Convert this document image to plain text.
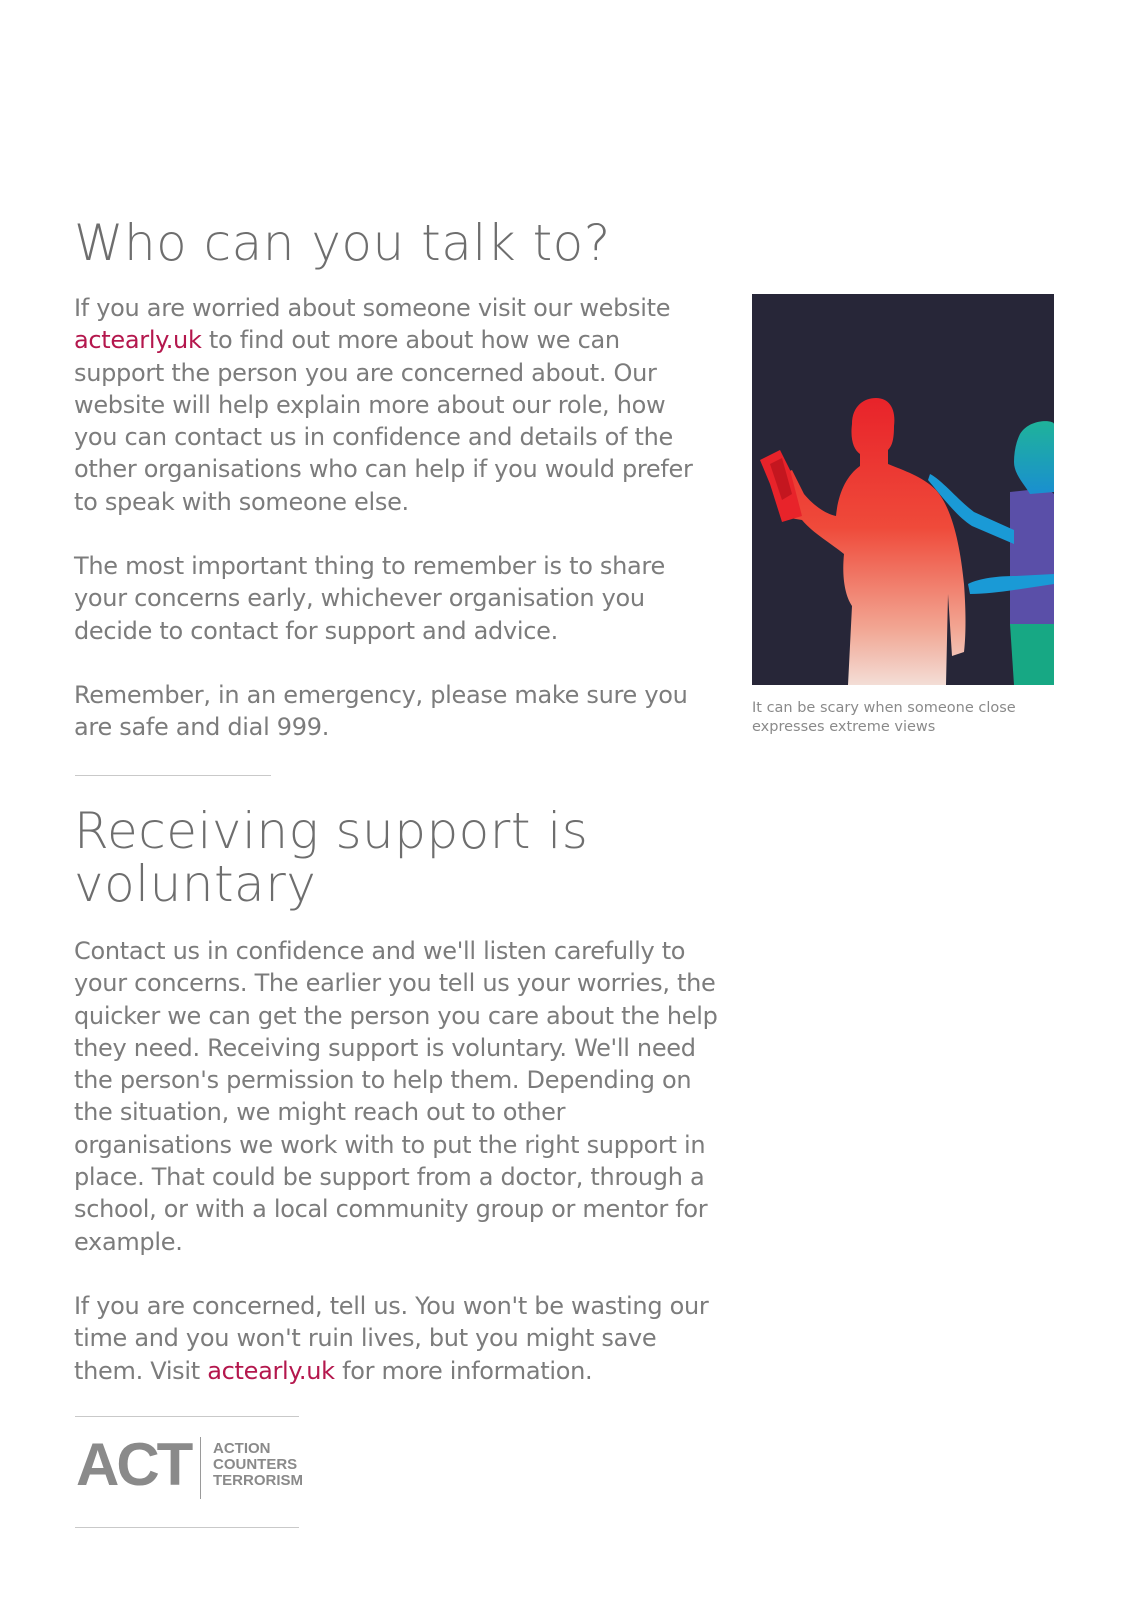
Who can you talk to?

If you are worried about someone visit our website actearly.uk to find out more about how we can support the person you are concerned about. Our website will help explain more about our role, how you can contact us in confidence and details of the other organisations who can help if you would prefer to speak with someone else.

The most important thing to remember is to share your concerns early, whichever organisation you decide to contact for support and advice.

Remember, in an emergency, please make sure you are safe and dial 999.

It can be scary when someone close expresses extreme views

Receiving support is voluntary

Contact us in confidence and we'll listen carefully to your concerns. The earlier you tell us your worries, the quicker we can get the person you care about the help they need. Receiving support is voluntary. We'll need the person's permission to help them. Depending on the situation, we might reach out to other organisations we work with to put the right support in place. That could be support from a doctor, through a school, or with a local community group or mentor for example.

If you are concerned, tell us. You won't be wasting our time and you won't ruin lives, but you might save them. Visit actearly.uk for more information.

ACT ACTION
COUNTERS
TERRORISM
